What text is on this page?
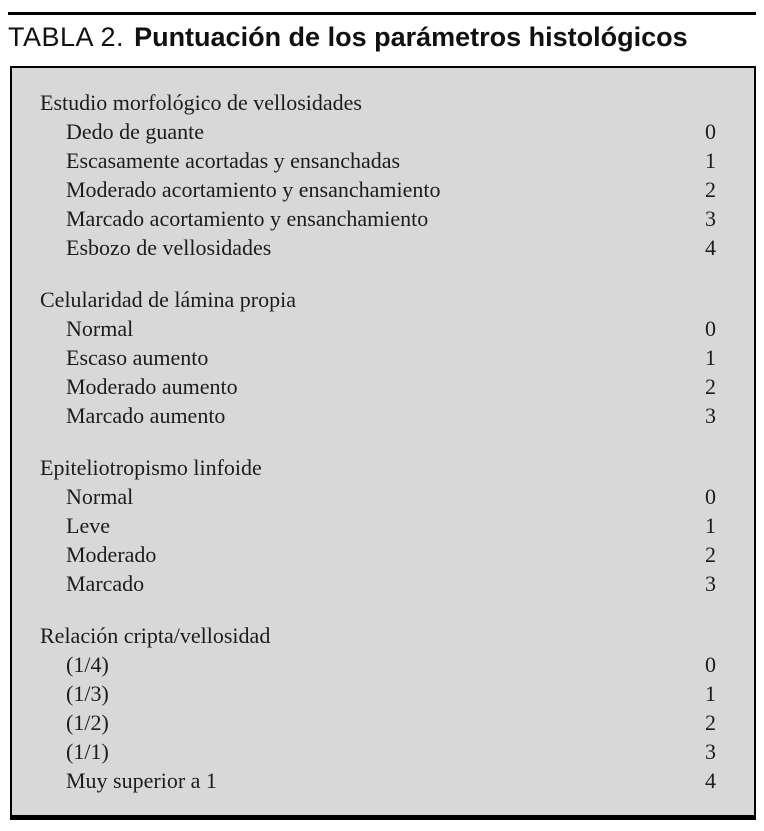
TABLA 2. Puntuación de los parámetros histológicos
Estudio morfológico de vellosidades
Dedo de guante	0
Escasamente acortadas y ensanchadas	1
Moderado acortamiento y ensanchamiento	2
Marcado acortamiento y ensanchamiento	3
Esbozo de vellosidades	4
Celularidad de lámina propia
Normal	0
Escaso aumento	1
Moderado aumento	2
Marcado aumento	3
Epiteliotropismo linfoide
Normal	0
Leve	1
Moderado	2
Marcado	3
Relación cripta/vellosidad
(1/4)	0
(1/3)	1
(1/2)	2
(1/1)	3
Muy superior a 1	4
